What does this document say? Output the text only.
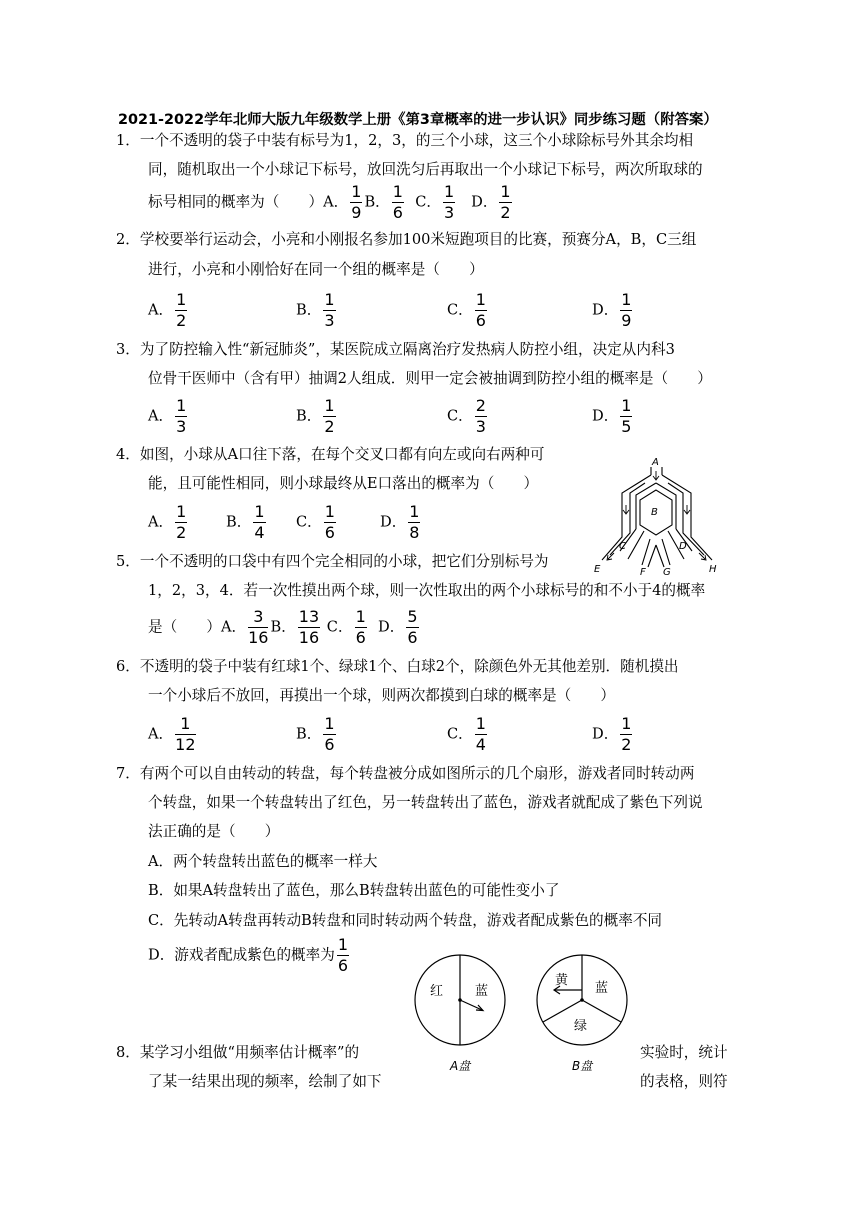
2021-2022学年北师大版九年级数学上册《第3章概率的进一步认识》同步练习题（附答案）
1．一个不透明的袋子中装有标号为1，2，3，的三个小球，这三个小球除标号外其余均相
同，随机取出一个小球记下标号，放回洗匀后再取出一个小球记下标号，两次所取球的
标号相同的概率为（　　）A． $\frac{1}{9}$ B． $\frac{1}{6}$ C． $\frac{1}{3}$ D． $\frac{1}{2}$
2．学校要举行运动会，小亮和小刚报名参加100米短跑项目的比赛，预赛分A，B，C三组
进行，小亮和小刚恰好在同一个组的概率是（　　）
A． $\frac{1}{2}$	B． $\frac{1}{3}$	C． $\frac{1}{6}$	D． $\frac{1}{9}$
3．为了防控输入性“新冠肺炎”，某医院成立隔离治疗发热病人防控小组，决定从内科3
位骨干医师中（含有甲）抽调2人组成．则甲一定会被抽调到防控小组的概率是（　　）
A． $\frac{1}{3}$	B． $\frac{1}{2}$	C． $\frac{2}{3}$	D． $\frac{1}{5}$
4．如图，小球从A口往下落，在每个交叉口都有向左或向右两种可
能，且可能性相同，则小球最终从E口落出的概率为（　　）
A． $\frac{1}{2}$	B． $\frac{1}{4}$ C． $\frac{1}{6}$	D． $\frac{1}{8}$
A
B
C	D
E	F G	H
5．一个不透明的口袋中有四个完全相同的小球，把它们分别标号为
1，2，3，4．若一次性摸出两个球，则一次性取出的两个小球标号的和不小于4的概率
是（　　）A． $\frac{3}{16}$ B． $\frac{13}{16}$ C． $\frac{1}{6}$ D． $\frac{5}{6}$
6．不透明的袋子中装有红球1个、绿球1个、白球2个，除颜色外无其他差别．随机摸出
一个小球后不放回，再摸出一个球，则两次都摸到白球的概率是（　　）
A． $\frac{1}{12}$	B． $\frac{1}{6}$	C． $\frac{1}{4}$	D． $\frac{1}{2}$
7．有两个可以自由转动的转盘，每个转盘被分成如图所示的几个扇形，游戏者同时转动两
个转盘，如果一个转盘转出了红色，另一转盘转出了蓝色，游戏者就配成了紫色下列说
法正确的是（　　）
A．两个转盘转出蓝色的概率一样大
B．如果A转盘转出了蓝色，那么B转盘转出蓝色的可能性变小了
C．先转动A转盘再转动B转盘和同时转动两个转盘，游戏者配成紫色的概率不同
D．游戏者配成紫色的概率为 $\frac{1}{6}$
红 蓝
A盘
黄
蓝
绿
B盘
8．某学习小组做“用频率估计概率”的	实验时，统计
了某一结果出现的频率，绘制了如下	的表格，则符
